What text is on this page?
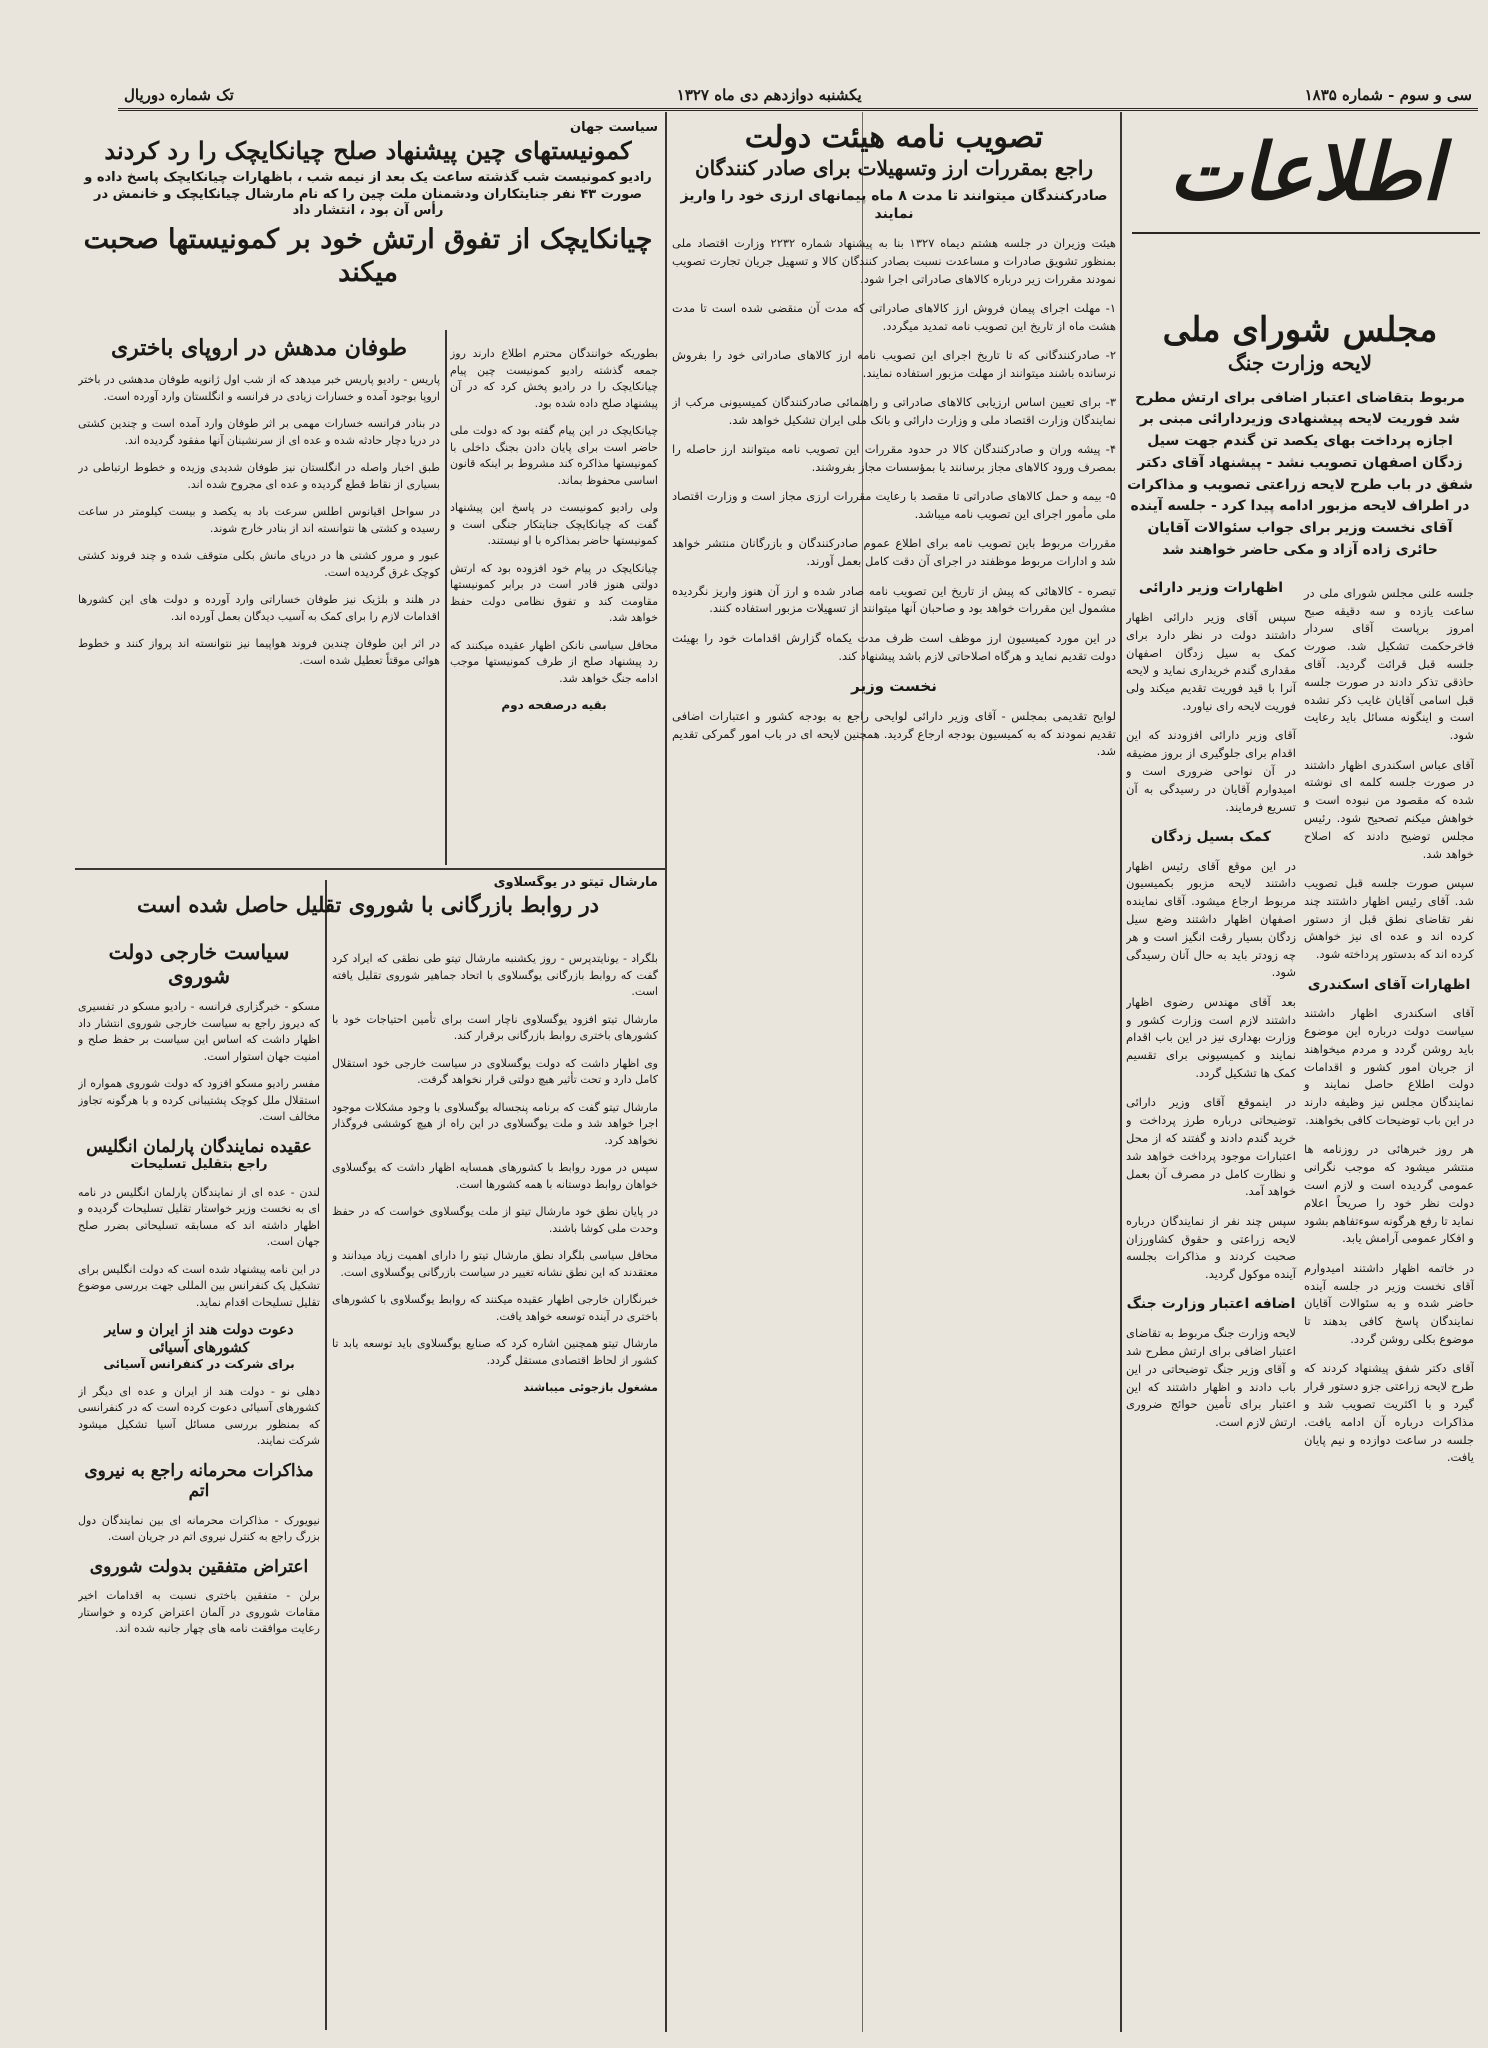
سی و سوم - شماره ۱۸۳۵
یکشنبه دوازدهم دی ماه ۱۳۲۷
تک شماره دوریال
اطلاعات
مجلس شورای ملی
لایحه وزارت جنگ
مربوط بتقاضای اعتبار اضافی برای ارتش مطرح شد فوریت لایحه پیشنهادی وزیردارائی مبنی بر اجازه پرداخت بهای یکصد تن گندم جهت سیل زدگان اصفهان تصویب نشد - پیشنهاد آقای دکتر شفق در باب طرح لایحه زراعتی تصویب و مذاکرات در اطراف لایحه مزبور ادامه پیدا کرد - جلسه آینده آقای نخست وزیر برای جواب سئوالات آقایان حائری زاده آزاد و مکی حاضر خواهند شد

جلسه علنی مجلس شورای ملی در ساعت یازده و سه دقیقه صبح امروز برپاست آقای سردار فاخرحکمت تشکیل شد. صورت جلسه قبل قرائت گردید. آقای حاذقی تذکر دادند در صورت جلسه قبل اسامی آقایان غایب ذکر نشده است و اینگونه مسائل باید رعایت شود.

آقای عباس اسکندری اظهار داشتند در صورت جلسه کلمه ای نوشته شده که مقصود من نبوده است و خواهش میکنم تصحیح شود. رئیس مجلس توضیح دادند که اصلاح خواهد شد.

سپس صورت جلسه قبل تصویب شد. آقای رئیس اظهار داشتند چند نفر تقاضای نطق قبل از دستور کرده اند و عده ای نیز خواهش کرده اند که بدستور پرداخته شود.

اظهارات آقای اسکندری

آقای اسکندری اظهار داشتند سیاست دولت درباره این موضوع باید روشن گردد و مردم میخواهند از جریان امور کشور و اقدامات دولت اطلاع حاصل نمایند و نمایندگان مجلس نیز وظیفه دارند در این باب توضیحات کافی بخواهند.

هر روز خبرهائی در روزنامه ها منتشر میشود که موجب نگرانی عمومی گردیده است و لازم است دولت نظر خود را صریحاً اعلام نماید تا رفع هرگونه سوءتفاهم بشود و افکار عمومی آرامش یابد.

در خاتمه اظهار داشتند امیدوارم آقای نخست وزیر در جلسه آینده حاضر شده و به سئوالات آقایان نمایندگان پاسخ کافی بدهند تا موضوع بکلی روشن گردد.

آقای دکتر شفق پیشنهاد کردند که طرح لایحه زراعتی جزو دستور قرار گیرد و با اکثریت تصویب شد و مذاکرات درباره آن ادامه یافت. جلسه در ساعت دوازده و نیم پایان یافت.

اظهارات وزیر دارائی

سپس آقای وزیر دارائی اظهار داشتند دولت در نظر دارد برای کمک به سیل زدگان اصفهان مقداری گندم خریداری نماید و لایحه آنرا با قید فوریت تقدیم میکند ولی فوریت لایحه رای نیاورد.

آقای وزیر دارائی افزودند که این اقدام برای جلوگیری از بروز مضیقه در آن نواحی ضروری است و امیدوارم آقایان در رسیدگی به آن تسریع فرمایند.

کمک بسیل زدگان

در این موقع آقای رئیس اظهار داشتند لایحه مزبور بکمیسیون مربوط ارجاع میشود. آقای نماینده اصفهان اظهار داشتند وضع سیل زدگان بسیار رقت انگیز است و هر چه زودتر باید به حال آنان رسیدگی شود.

بعد آقای مهندس رضوی اظهار داشتند لازم است وزارت کشور و وزارت بهداری نیز در این باب اقدام نمایند و کمیسیونی برای تقسیم کمک ها تشکیل گردد.

در اینموقع آقای وزیر دارائی توضیحاتی درباره طرز پرداخت و خرید گندم دادند و گفتند که از محل اعتبارات موجود پرداخت خواهد شد و نظارت کامل در مصرف آن بعمل خواهد آمد.

سپس چند نفر از نمایندگان درباره لایحه زراعتی و حقوق کشاورزان صحبت کردند و مذاکرات بجلسه آینده موکول گردید.

اضافه اعتبار وزارت جنگ

لایحه وزارت جنگ مربوط به تقاضای اعتبار اضافی برای ارتش مطرح شد و آقای وزیر جنگ توضیحاتی در این باب دادند و اظهار داشتند که این اعتبار برای تأمین حوائج ضروری ارتش لازم است.

تصویب نامه هیئت دولت
راجع بمقررات ارز وتسهیلات برای صادر کنندگان
صادرکنندگان میتوانند تا مدت ۸ ماه پیمانهای ارزی خود را واریز نمایند

هیئت وزیران در جلسه هشتم دیماه ۱۳۲۷ بنا به پیشنهاد شماره ۲۲۳۲ وزارت اقتصاد ملی بمنظور تشویق صادرات و مساعدت نسبت بصادر کنندگان کالا و تسهیل جریان تجارت تصویب نمودند مقررات زیر درباره کالاهای صادراتی اجرا شود.

۱- مهلت اجرای پیمان فروش ارز کالاهای صادراتی که مدت آن منقضی شده است تا مدت هشت ماه از تاریخ این تصویب نامه تمدید میگردد.

۲- صادرکنندگانی که تا تاریخ اجرای این تصویب نامه ارز کالاهای صادراتی خود را بفروش نرسانده باشند میتوانند از مهلت مزبور استفاده نمایند.

۳- برای تعیین اساس ارزیابی کالاهای صادراتی و راهنمائی صادرکنندگان کمیسیونی مرکب از نمایندگان وزارت اقتصاد ملی و وزارت دارائی و بانک ملی ایران تشکیل خواهد شد.

۴- پیشه وران و صادرکنندگان کالا در حدود مقررات این تصویب نامه میتوانند ارز حاصله را بمصرف ورود کالاهای مجاز برسانند یا بمؤسسات مجاز بفروشند.

۵- بیمه و حمل کالاهای صادراتی تا مقصد با رعایت مقررات ارزی مجاز است و وزارت اقتصاد ملی مأمور اجرای این تصویب نامه میباشد.

مقررات مربوط باین تصویب نامه برای اطلاع عموم صادرکنندگان و بازرگانان منتشر خواهد شد و ادارات مربوط موظفند در اجرای آن دقت کامل بعمل آورند.

تبصره - کالاهائی که پیش از تاریخ این تصویب نامه صادر شده و ارز آن هنوز واریز نگردیده مشمول این مقررات خواهد بود و صاحبان آنها میتوانند از تسهیلات مزبور استفاده کنند.

در این مورد کمیسیون ارز موظف است ظرف مدت یکماه گزارش اقدامات خود را بهیئت دولت تقدیم نماید و هرگاه اصلاحاتی لازم باشد پیشنهاد کند.

نخست وزیر

لوایح تقدیمی بمجلس - آقای وزیر دارائی لوایحی راجع به بودجه کشور و اعتبارات اضافی تقدیم نمودند که به کمیسیون بودجه ارجاع گردید. همچنین لایحه ای در باب امور گمرکی تقدیم شد.

سیاست جهان
کمونیستهای چین پیشنهاد صلح چیانکایچک را رد کردند
رادیو کمونیست شب گذشته ساعت یک بعد از نیمه شب ، باظهارات چیانکایچک پاسخ داده و صورت ۴۳ نفر جنایتکاران ودشمنان ملت چین را که نام مارشال چیانکایچک و خانمش در رأس آن بود ، انتشار داد
چیانکایچک از تفوق ارتش خود بر کمونیستها صحبت میکند
طوفان مدهش در اروپای باختری

پاریس - رادیو پاریس خبر میدهد که از شب اول ژانویه طوفان مدهشی در باختر اروپا بوجود آمده و خسارات زیادی در فرانسه و انگلستان وارد آورده است.

در بنادر فرانسه خسارات مهمی بر اثر طوفان وارد آمده است و چندین کشتی در دریا دچار حادثه شده و عده ای از سرنشینان آنها مفقود گردیده اند.

طبق اخبار واصله در انگلستان نیز طوفان شدیدی وزیده و خطوط ارتباطی در بسیاری از نقاط قطع گردیده و عده ای مجروح شده اند.

در سواحل اقیانوس اطلس سرعت باد به یکصد و بیست کیلومتر در ساعت رسیده و کشتی ها نتوانسته اند از بنادر خارج شوند.

عبور و مرور کشتی ها در دریای مانش بکلی متوقف شده و چند فروند کشتی کوچک غرق گردیده است.

در هلند و بلژیک نیز طوفان خساراتی وارد آورده و دولت های این کشورها اقدامات لازم را برای کمک به آسیب دیدگان بعمل آورده اند.

در اثر این طوفان چندین فروند هواپیما نیز نتوانسته اند پرواز کنند و خطوط هوائی موقتاً تعطیل شده است.

بطوریکه خوانندگان محترم اطلاع دارند روز جمعه گذشته رادیو کمونیست چین پیام چیانکایچک را در رادیو پخش کرد که در آن پیشنهاد صلح داده شده بود.

چیانکایچک در این پیام گفته بود که دولت ملی حاضر است برای پایان دادن بجنگ داخلی با کمونیستها مذاکره کند مشروط بر اینکه قانون اساسی محفوظ بماند.

ولی رادیو کمونیست در پاسخ این پیشنهاد گفت که چیانکایچک جنایتکار جنگی است و کمونیستها حاضر بمذاکره با او نیستند.

چیانکایچک در پیام خود افزوده بود که ارتش دولتی هنوز قادر است در برابر کمونیستها مقاومت کند و تفوق نظامی دولت حفظ خواهد شد.

محافل سیاسی نانکن اظهار عقیده میکنند که رد پیشنهاد صلح از طرف کمونیستها موجب ادامه جنگ خواهد شد.

بقیه درصفحه دوم
مارشال تیتو در یوگسلاوی
در روابط بازرگانی با شوروی تقلیل حاصل شده است
سیاست خارجی دولت شوروی

مسکو - خبرگزاری فرانسه - رادیو مسکو در تفسیری که دیروز راجع به سیاست خارجی شوروی انتشار داد اظهار داشت که اساس این سیاست بر حفظ صلح و امنیت جهان استوار است.

مفسر رادیو مسکو افزود که دولت شوروی همواره از استقلال ملل کوچک پشتیبانی کرده و با هرگونه تجاوز مخالف است.

عقیده نمایندگان پارلمان انگلیس
راجع بتقلیل تسلیحات

لندن - عده ای از نمایندگان پارلمان انگلیس در نامه ای به نخست وزیر خواستار تقلیل تسلیحات گردیده و اظهار داشته اند که مسابقه تسلیحاتی بضرر صلح جهان است.

در این نامه پیشنهاد شده است که دولت انگلیس برای تشکیل یک کنفرانس بین المللی جهت بررسی موضوع تقلیل تسلیحات اقدام نماید.

دعوت دولت هند از ایران و سایر کشورهای آسیائی
برای شرکت در کنفرانس آسیائی

دهلی نو - دولت هند از ایران و عده ای دیگر از کشورهای آسیائی دعوت کرده است که در کنفرانسی که بمنظور بررسی مسائل آسیا تشکیل میشود شرکت نمایند.

مذاکرات محرمانه راجع به نیروی اتم

نیویورک - مذاکرات محرمانه ای بین نمایندگان دول بزرگ راجع به کنترل نیروی اتم در جریان است.

اعتراض متفقین بدولت شوروی

برلن - متفقین باختری نسبت به اقدامات اخیر مقامات شوروی در آلمان اعتراض کرده و خواستار رعایت موافقت نامه های چهار جانبه شده اند.

بلگراد - یونایتدپرس - روز یکشنبه مارشال تیتو طی نطقی که ایراد کرد گفت که روابط بازرگانی یوگسلاوی با اتحاد جماهیر شوروی تقلیل یافته است.

مارشال تیتو افزود یوگسلاوی ناچار است برای تأمین احتیاجات خود با کشورهای باختری روابط بازرگانی برقرار کند.

وی اظهار داشت که دولت یوگسلاوی در سیاست خارجی خود استقلال کامل دارد و تحت تأثیر هیچ دولتی قرار نخواهد گرفت.

مارشال تیتو گفت که برنامه پنجساله یوگسلاوی با وجود مشکلات موجود اجرا خواهد شد و ملت یوگسلاوی در این راه از هیچ کوششی فروگذار نخواهد کرد.

سپس در مورد روابط با کشورهای همسایه اظهار داشت که یوگسلاوی خواهان روابط دوستانه با همه کشورها است.

در پایان نطق خود مارشال تیتو از ملت یوگسلاوی خواست که در حفظ وحدت ملی کوشا باشند.

محافل سیاسی بلگراد نطق مارشال تیتو را دارای اهمیت زیاد میدانند و معتقدند که این نطق نشانه تغییر در سیاست بازرگانی یوگسلاوی است.

خبرنگاران خارجی اظهار عقیده میکنند که روابط یوگسلاوی با کشورهای باختری در آینده توسعه خواهد یافت.

مارشال تیتو همچنین اشاره کرد که صنایع یوگسلاوی باید توسعه یابد تا کشور از لحاظ اقتصادی مستقل گردد.

مشغول بازجوئی میباشند
